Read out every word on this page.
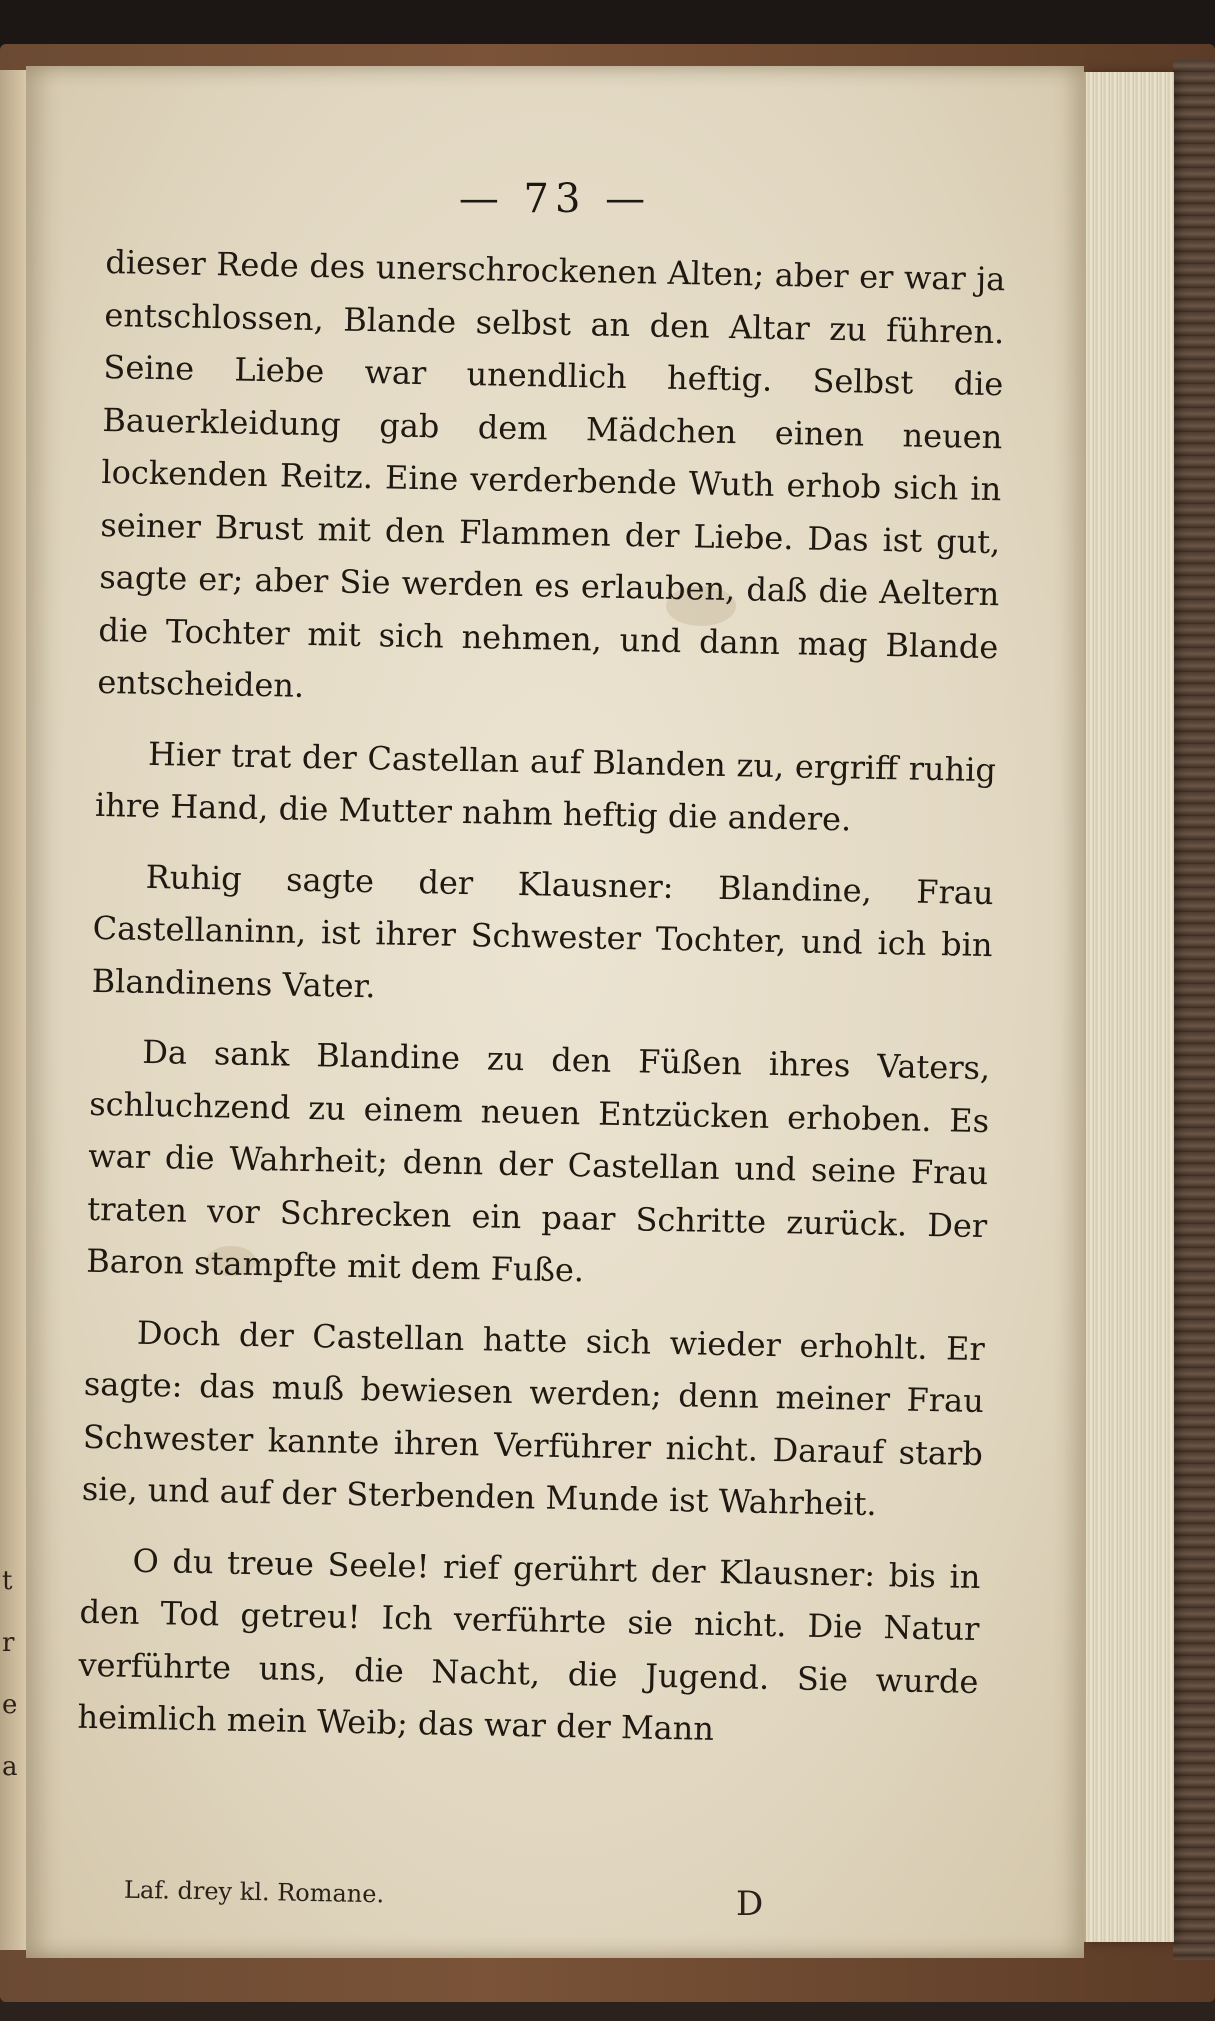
t
r
e
a
— 73 —

dieser Rede des unerschrockenen Alten; aber er war ja entschlossen, Blande selbst an den Altar zu führen. Seine Liebe war unendlich heftig. Selbst die Bauerkleidung gab dem Mädchen einen neuen lockenden Reitz. Eine verderbende Wuth erhob sich in seiner Brust mit den Flammen der Liebe. Das ist gut, sagte er; aber Sie werden es erlauben, daß die Aeltern die Tochter mit sich nehmen, und dann mag Blande entscheiden.

Hier trat der Castellan auf Blanden zu, ergriff ruhig ihre Hand, die Mutter nahm heftig die andere.

Ruhig sagte der Klausner: Blandine, Frau Castellaninn, ist ihrer Schwester Tochter, und ich bin Blandinens Vater.

Da sank Blandine zu den Füßen ihres Vaters, schluchzend zu einem neuen Entzücken erhoben. Es war die Wahrheit; denn der Castellan und seine Frau traten vor Schrecken ein paar Schritte zurück. Der Baron stampfte mit dem Fuße.

Doch der Castellan hatte sich wieder erhohlt. Er sagte: das muß bewiesen werden; denn meiner Frau Schwester kannte ihren Verführer nicht. Darauf starb sie, und auf der Sterbenden Munde ist Wahrheit.

O du treue Seele! rief gerührt der Klausner: bis in den Tod getreu! Ich verführte sie nicht. Die Natur verführte uns, die Nacht, die Jugend. Sie wurde heimlich mein Weib; das war der Mann

Laf. drey kl. Romane.	D
